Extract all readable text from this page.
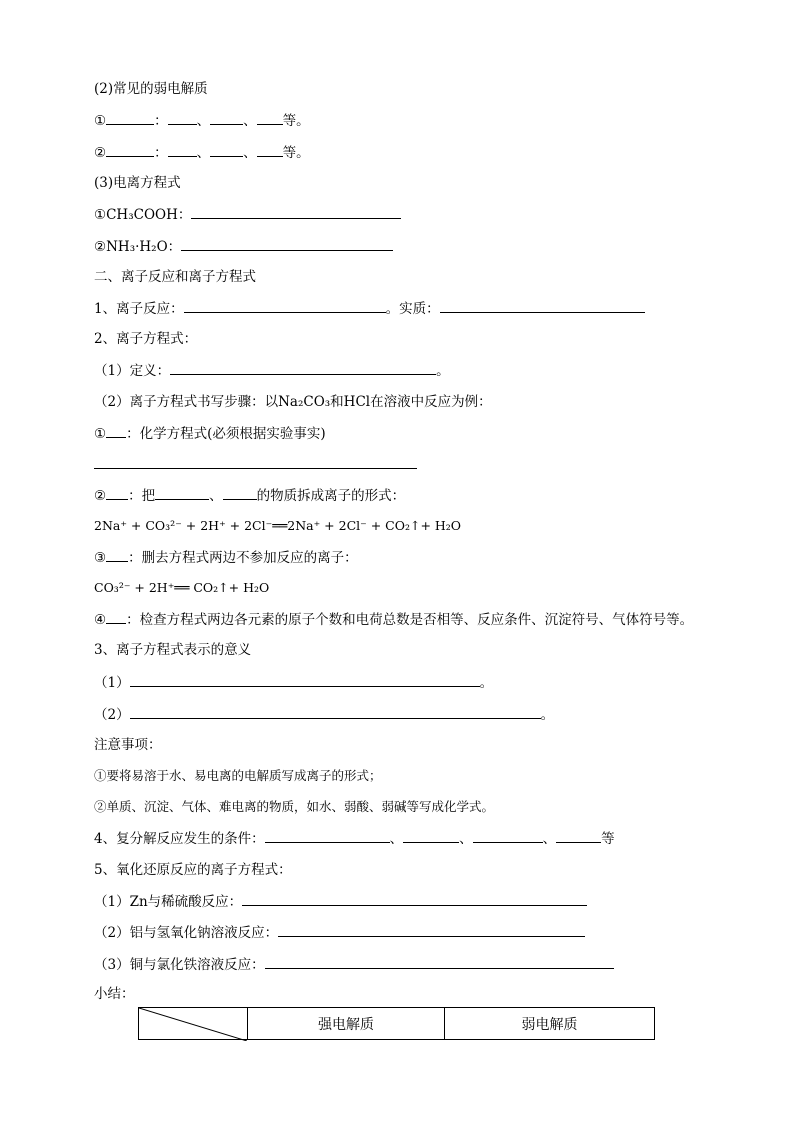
(2)常见的弱电解质
①	： 、 、 等。
②	： 、 、 等。
(3)电离方程式
①CH₃COOH：
②NH₃·H₂O：
二、离子反应和离子方程式
1、离子反应：	。实质：
2、离子方程式：
（1）定义：	。
（2）离子方程式书写步骤：以Na₂CO₃和HCl在溶液中反应为例：
① ：化学方程式(必须根据实验事实)
② ：把	、	的物质拆成离子的形式：
2Na⁺ + CO₃²⁻ + 2H⁺ + 2Cl⁻══2Na⁺ + 2Cl⁻ + CO₂↑+ H₂O
③ ：删去方程式两边不参加反应的离子：
CO₃²⁻ + 2H⁺══ CO₂↑+ H₂O
④ ：检查方程式两边各元素的原子个数和电荷总数是否相等、反应条件、沉淀符号、气体符号等。
3、离子方程式表示的意义
（1）	。
（2）	。
注意事项：
①要将易溶于水、易电离的电解质写成离子的形式；
②单质、沉淀、气体、难电离的物质，如水、弱酸、弱碱等写成化学式。
4、复分解反应发生的条件：	、	、	、	等
5、氧化还原反应的离子方程式：
（1）Zn与稀硫酸反应：
（2）铝与氢氧化钠溶液反应：
（3）铜与氯化铁溶液反应：
小结：
	强电解质	弱电解质
